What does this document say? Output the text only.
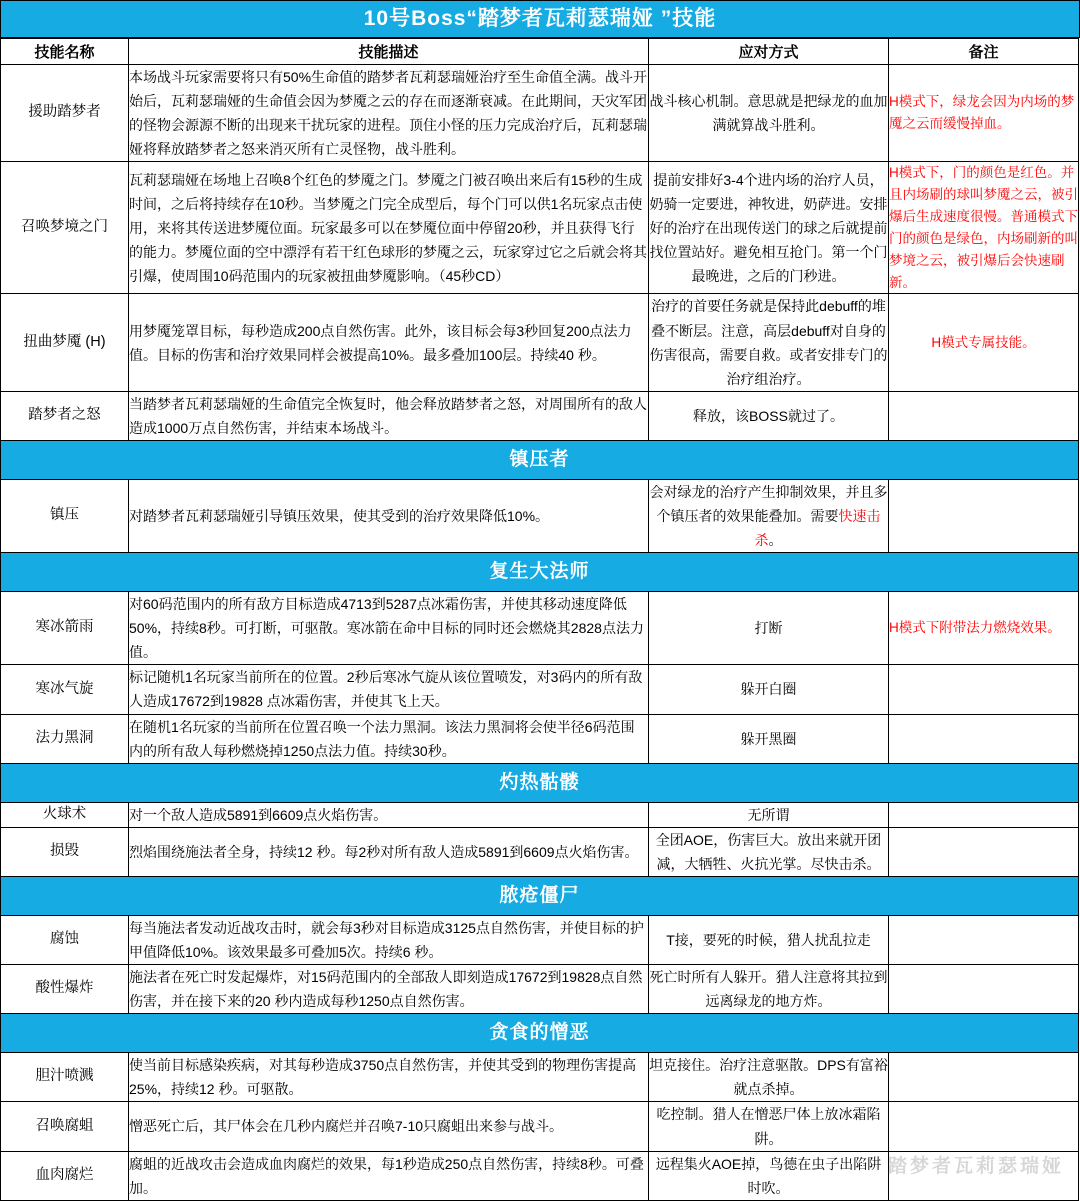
10号Boss“踏梦者瓦莉瑟瑞娅 ”技能
技能名称	技能描述	应对方式	备注
援助踏梦者	本场战斗玩家需要将只有50%生命值的踏梦者瓦莉瑟瑞娅治疗至生命值全满。战斗开始后，瓦莉瑟瑞娅的生命值会因为梦魇之云的存在而逐渐衰减。在此期间，天灾军团的怪物会源源不断的出现来干扰玩家的进程。顶住小怪的压力完成治疗后，瓦莉瑟瑞娅将释放踏梦者之怒来消灭所有亡灵怪物，战斗胜利。	战斗核心机制。意思就是把绿龙的血加满就算战斗胜利。	H模式下，绿龙会因为内场的梦魇之云而缓慢掉血。
召唤梦境之门	瓦莉瑟瑞娅在场地上召唤8个红色的梦魇之门。梦魇之门被召唤出来后有15秒的生成时间，之后将持续存在10秒。当梦魇之门完全成型后，每个门可以供1名玩家点击使用，来将其传送进梦魇位面。玩家最多可以在梦魇位面中停留20秒，并且获得飞行的能力。梦魇位面的空中漂浮有若干红色球形的梦魇之云，玩家穿过它之后就会将其引爆，使周围10码范围内的玩家被扭曲梦魇影响。（45秒CD）	提前安排好3-4个进内场的治疗人员，奶骑一定要进，神牧进，奶萨进。安排好的治疗在出现传送门的球之后就提前找位置站好。避免相互抢门。第一个门最晚进，之后的门秒进。	H模式下，门的颜色是红色。并且内场刷的球叫梦魇之云，被引爆后生成速度很慢。普通模式下门的颜色是绿色，内场刷新的叫梦境之云，被引爆后会快速刷新。
扭曲梦魇 (H)	用梦魇笼罩目标，每秒造成200点自然伤害。此外，该目标会每3秒回复200点法力值。目标的伤害和治疗效果同样会被提高10%。最多叠加100层。持续40 秒。	治疗的首要任务就是保持此debuff的堆叠不断层。注意，高层debuff对自身的伤害很高，需要自救。或者安排专门的治疗组治疗。	H模式专属技能。
踏梦者之怒	当踏梦者瓦莉瑟瑞娅的生命值完全恢复时，他会释放踏梦者之怒，对周围所有的敌人造成1000万点自然伤害，并结束本场战斗。	释放，该BOSS就过了。	
镇压者			
镇压	对踏梦者瓦莉瑟瑞娅引导镇压效果，使其受到的治疗效果降低10%。	会对绿龙的治疗产生抑制效果，并且多个镇压者的效果能叠加。需要快速击杀。	
复生大法师			
寒冰箭雨	对60码范围内的所有敌方目标造成4713到5287点冰霜伤害，并使其移动速度降低50%，持续8秒。可打断，可驱散。寒冰箭在命中目标的同时还会燃烧其2828点法力值。	打断	H模式下附带法力燃烧效果。
寒冰气旋	标记随机1名玩家当前所在的位置。2秒后寒冰气旋从该位置喷发，对3码内的所有敌人造成17672到19828 点冰霜伤害，并使其飞上天。	躲开白圈	
法力黑洞	在随机1名玩家的当前所在位置召唤一个法力黑洞。该法力黑洞将会使半径6码范围内的所有敌人每秒燃烧掉1250点法力值。持续30秒。	躲开黑圈	
灼热骷髅			
火球术	对一个敌人造成5891到6609点火焰伤害。	无所谓	
损毁	烈焰围绕施法者全身，持续12 秒。每2秒对所有敌人造成5891到6609点火焰伤害。	全团AOE，伤害巨大。放出来就开团减，大牺牲、火抗光掌。尽快击杀。	
脓疮僵尸			
腐蚀	每当施法者发动近战攻击时，就会每3秒对目标造成3125点自然伤害，并使目标的护甲值降低10%。该效果最多可叠加5次。持续6 秒。	T接，要死的时候，猎人扰乱拉走	
酸性爆炸	施法者在死亡时发起爆炸，对15码范围内的全部敌人即刻造成17672到19828点自然伤害，并在接下来的20 秒内造成每秒1250点自然伤害。	死亡时所有人躲开。猎人注意将其拉到远离绿龙的地方炸。	
贪食的憎恶			
胆汁喷溅	使当前目标感染疾病，对其每秒造成3750点自然伤害，并使其受到的物理伤害提高25%，持续12 秒。可驱散。	坦克接住。治疗注意驱散。DPS有富裕就点杀掉。	
召唤腐蛆	憎恶死亡后，其尸体会在几秒内腐烂并召唤7-10只腐蛆出来参与战斗。	吃控制。猎人在憎恶尸体上放冰霜陷阱。	
血肉腐烂	腐蛆的近战攻击会造成血肉腐烂的效果，每1秒造成250点自然伤害，持续8秒。可叠加。	远程集火AOE掉，鸟德在虫子出陷阱时吹。	
踏梦者瓦莉瑟瑞娅
